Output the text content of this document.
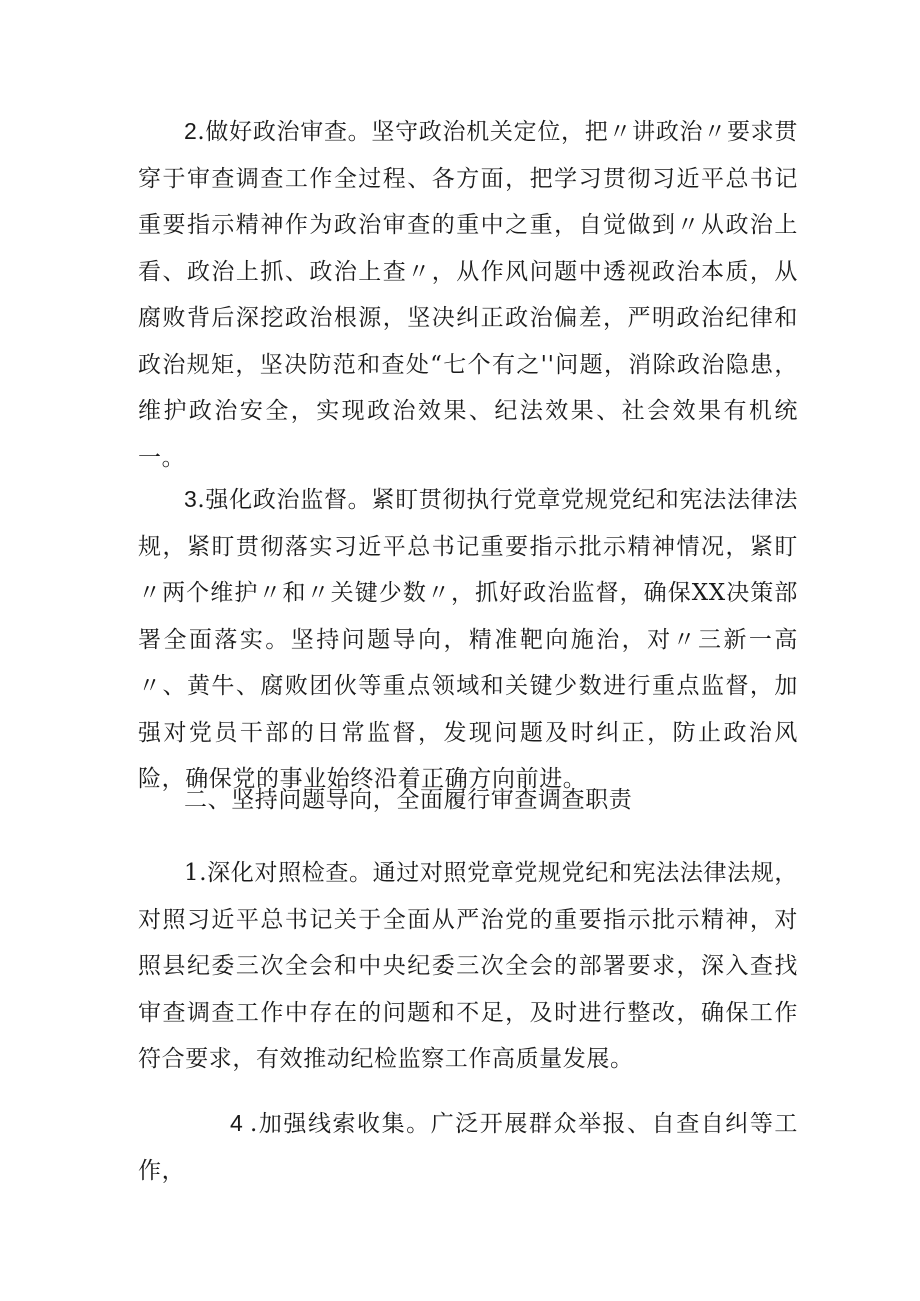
2.做好政治审查。坚守政治机关定位，把〃讲政治〃要求贯穿于审查调查工作全过程、各方面，把学习贯彻习近平总书记重要指示精神作为政治审查的重中之重，自觉做到〃从政治上看、政治上抓、政治上查〃，从作风问题中透视政治本质，从腐败背后深挖政治根源，坚决纠正政治偏差，严明政治纪律和政治规矩，坚决防范和查处“七个有之''问题，消除政治隐患，维护政治安全，实现政治效果、纪法效果、社会效果有机统一。

3.强化政治监督。紧盯贯彻执行党章党规党纪和宪法法律法规，紧盯贯彻落实习近平总书记重要指示批示精神情况，紧盯〃两个维护〃和〃关键少数〃，抓好政治监督，确保XX决策部署全面落实。坚持问题导向，精准靶向施治，对〃三新一高〃、黄牛、腐败团伙等重点领域和关键少数进行重点监督，加强对党员干部的日常监督，发现问题及时纠正，防止政治风险，确保党的事业始终沿着正确方向前进。

二、坚持问题导向，全面履行审查调查职责

1.深化对照检查。通过对照党章党规党纪和宪法法律法规，对照习近平总书记关于全面从严治党的重要指示批示精神，对照县纪委三次全会和中央纪委三次全会的部署要求，深入查找审查调查工作中存在的问题和不足，及时进行整改，确保工作符合要求，有效推动纪检监察工作高质量发展。

4 .加强线索收集。广泛开展群众举报、自查自纠等工作，
